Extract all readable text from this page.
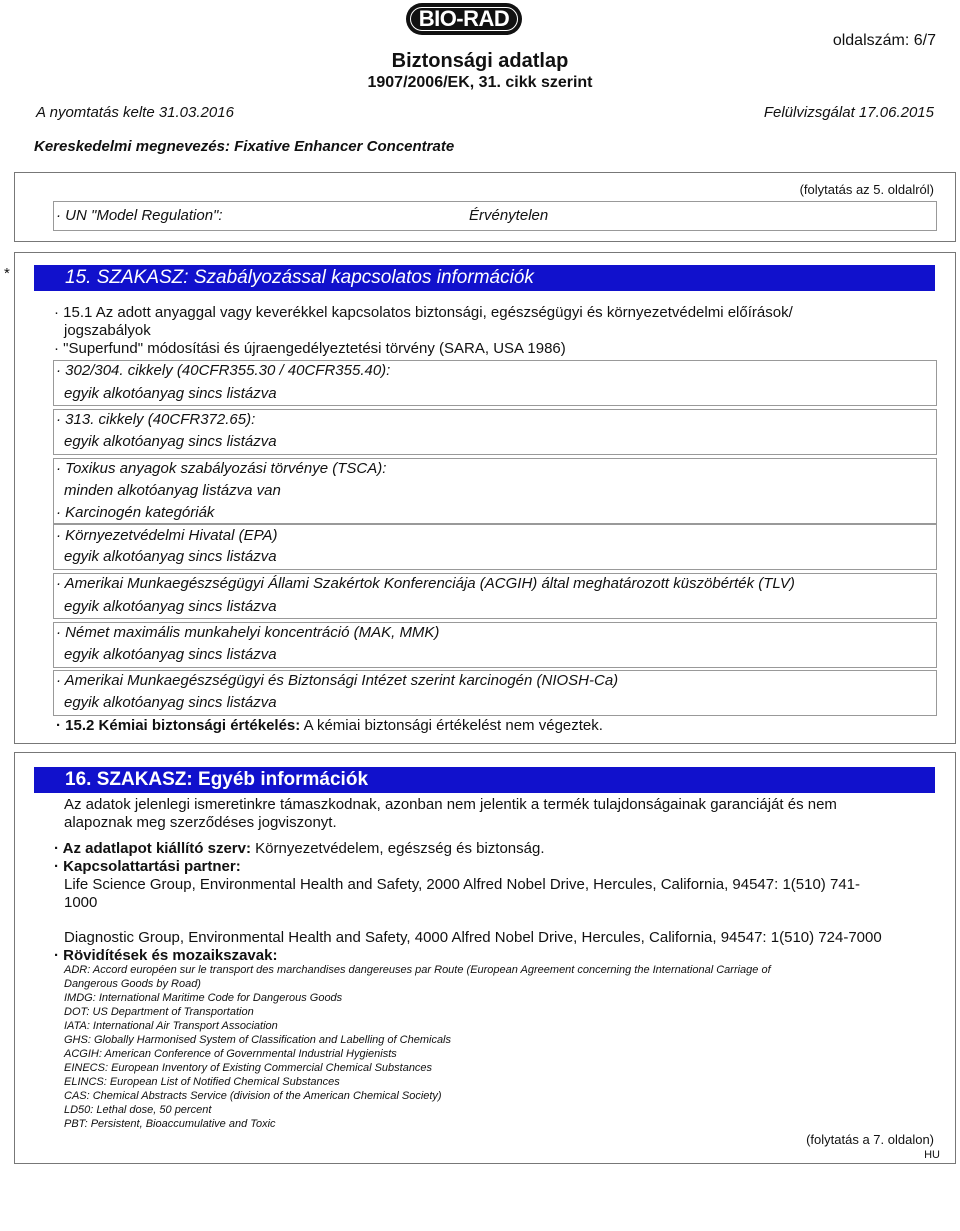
BIO-RAD
oldalszám: 6/7
Biztonsági adatlap
1907/2006/EK, 31. cikk szerint
A nyomtatás kelte 31.03.2016	Felülvizsgálat 17.06.2015
Kereskedelmi megnevezés: Fixative Enhancer Concentrate
(folytatás az 5. oldalról)
· UN "Model Regulation":	Érvénytelen
*	15. SZAKASZ: Szabályozással kapcsolatos információk
· 15.1 Az adott anyaggal vagy keverékkel kapcsolatos biztonsági, egészségügyi és környezetvédelmi előírások/
jogszabályok
· "Superfund" módosítási és újraengedélyeztetési törvény (SARA, USA 1986)
· 302/304. cikkely (40CFR355.30 / 40CFR355.40):
egyik alkotóanyag sincs listázva
· 313. cikkely (40CFR372.65):
egyik alkotóanyag sincs listázva
· Toxikus anyagok szabályozási törvénye (TSCA):
minden alkotóanyag listázva van
· Karcinogén kategóriák
· Környezetvédelmi Hivatal (EPA)
egyik alkotóanyag sincs listázva
· Amerikai Munkaegészségügyi Állami Szakértok Konferenciája (ACGIH) által meghatározott küszöbérték (TLV)
egyik alkotóanyag sincs listázva
· Német maximális munkahelyi koncentráció (MAK, MMK)
egyik alkotóanyag sincs listázva
· Amerikai Munkaegészségügyi és Biztonsági Intézet szerint karcinogén (NIOSH-Ca)
egyik alkotóanyag sincs listázva
· 15.2 Kémiai biztonsági értékelés: A kémiai biztonsági értékelést nem végeztek.
16. SZAKASZ: Egyéb információk
Az adatok jelenlegi ismeretinkre támaszkodnak, azonban nem jelentik a termék tulajdonságainak garanciáját és nem
alapoznak meg szerződéses jogviszonyt.
· Az adatlapot kiállító szerv: Környezetvédelem, egészség és biztonság.
· Kapcsolattartási partner:
Life Science Group, Environmental Health and Safety, 2000 Alfred Nobel Drive, Hercules, California, 94547: 1(510) 741-
1000
Diagnostic Group, Environmental Health and Safety, 4000 Alfred Nobel Drive, Hercules, California, 94547: 1(510) 724-7000
· Rövidítések és mozaikszavak:
ADR: Accord européen sur le transport des marchandises dangereuses par Route (European Agreement concerning the International Carriage of
Dangerous Goods by Road)
IMDG: International Maritime Code for Dangerous Goods
DOT: US Department of Transportation
IATA: International Air Transport Association
GHS: Globally Harmonised System of Classification and Labelling of Chemicals
ACGIH: American Conference of Governmental Industrial Hygienists
EINECS: European Inventory of Existing Commercial Chemical Substances
ELINCS: European List of Notified Chemical Substances
CAS: Chemical Abstracts Service (division of the American Chemical Society)
LD50: Lethal dose, 50 percent
PBT: Persistent, Bioaccumulative and Toxic
(folytatás a 7. oldalon)
HU
